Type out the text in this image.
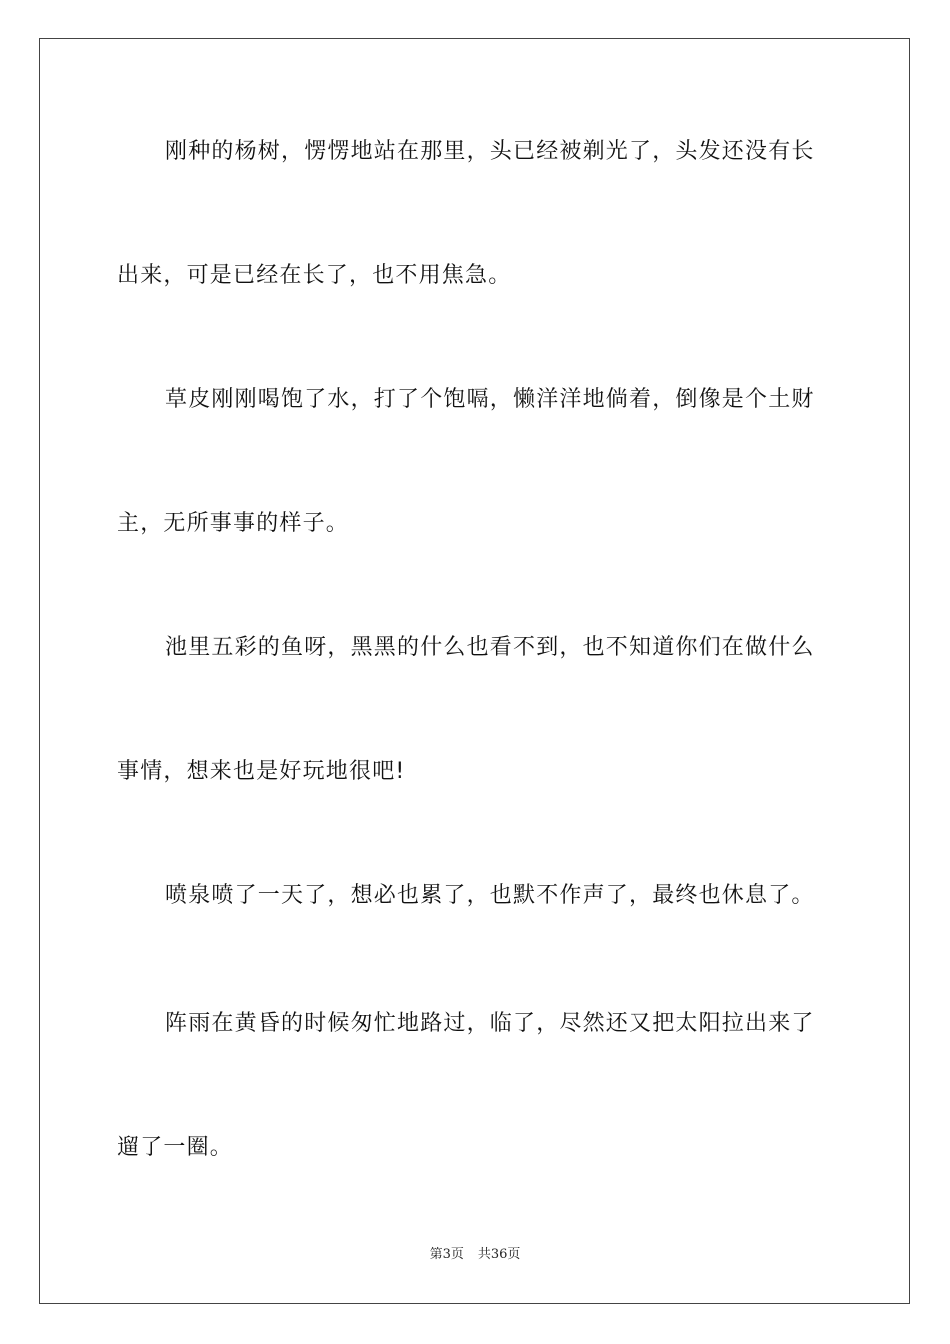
刚种的杨树，愣愣地站在那里，头已经被剃光了，头发还没有长
出来，可是已经在长了，也不用焦急。
草皮刚刚喝饱了水，打了个饱嗝，懒洋洋地倘着，倒像是个土财
主，无所事事的样子。
池里五彩的鱼呀，黑黑的什么也看不到，也不知道你们在做什么
事情，想来也是好玩地很吧!
喷泉喷了一天了，想必也累了，也默不作声了，最终也休息了。
阵雨在黄昏的时候匆忙地路过，临了，尽然还又把太阳拉出来了
遛了一圈。
第3页 共36页
